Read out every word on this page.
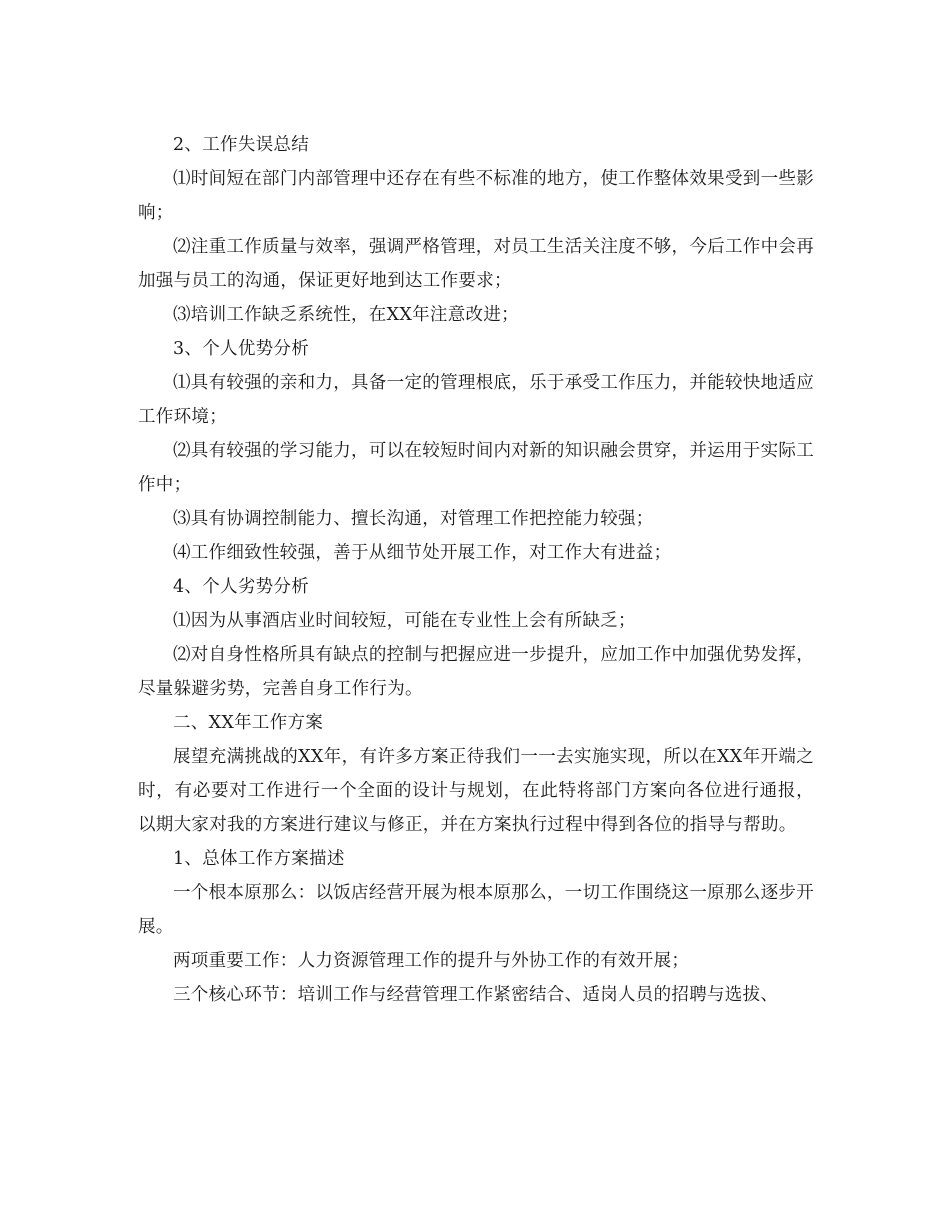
2、工作失误总结

⑴时间短在部门内部管理中还存在有些不标准的地方，使工作整体效果受到一些影响；

⑵注重工作质量与效率，强调严格管理，对员工生活关注度不够，今后工作中会再加强与员工的沟通，保证更好地到达工作要求；

⑶培训工作缺乏系统性，在XX年注意改进；

3、个人优势分析

⑴具有较强的亲和力，具备一定的管理根底，乐于承受工作压力，并能较快地适应工作环境；

⑵具有较强的学习能力，可以在较短时间内对新的知识融会贯穿，并运用于实际工作中；

⑶具有协调控制能力、擅长沟通，对管理工作把控能力较强；

⑷工作细致性较强，善于从细节处开展工作，对工作大有进益；

4、个人劣势分析

⑴因为从事酒店业时间较短，可能在专业性上会有所缺乏；

⑵对自身性格所具有缺点的控制与把握应进一步提升，应加工作中加强优势发挥，尽量躲避劣势，完善自身工作行为。

二、XX年工作方案

展望充满挑战的XX年，有许多方案正待我们一一去实施实现，所以在XX年开端之时，有必要对工作进行一个全面的设计与规划，在此特将部门方案向各位进行通报，以期大家对我的方案进行建议与修正，并在方案执行过程中得到各位的指导与帮助。

1、总体工作方案描述

一个根本原那么：以饭店经营开展为根本原那么，一切工作围绕这一原那么逐步开展。

两项重要工作：人力资源管理工作的提升与外协工作的有效开展；

三个核心环节：培训工作与经营管理工作紧密结合、适岗人员的招聘与选拔、
